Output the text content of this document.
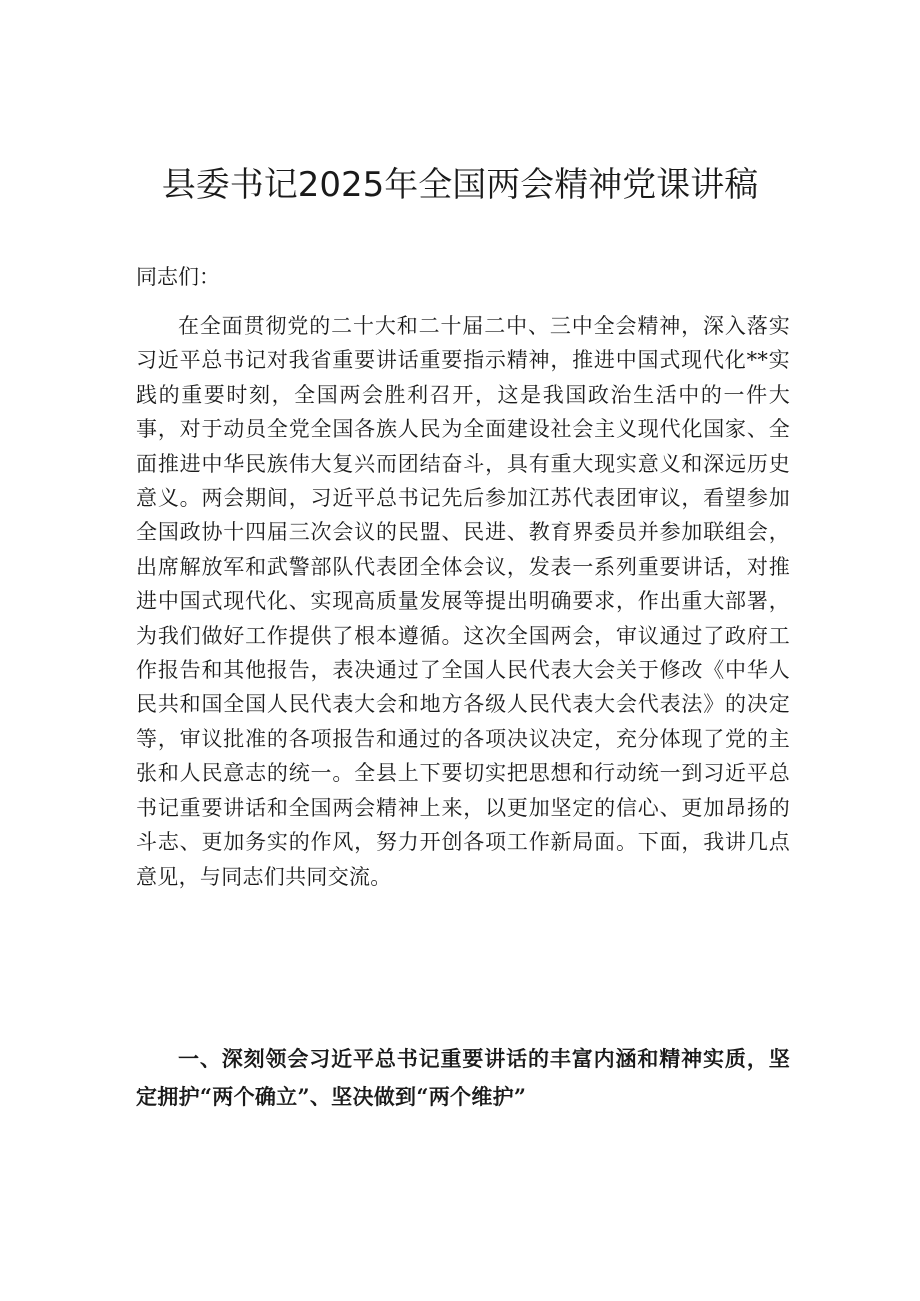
县委书记2025年全国两会精神党课讲稿

同志们：

在全面贯彻党的二十大和二十届二中、三中全会精神，深入落实习近平总书记对我省重要讲话重要指示精神，推进中国式现代化**实践的重要时刻，全国两会胜利召开，这是我国政治生活中的一件大事，对于动员全党全国各族人民为全面建设社会主义现代化国家、全面推进中华民族伟大复兴而团结奋斗，具有重大现实意义和深远历史意义。两会期间，习近平总书记先后参加江苏代表团审议，看望参加全国政协十四届三次会议的民盟、民进、教育界委员并参加联组会，出席解放军和武警部队代表团全体会议，发表一系列重要讲话，对推进中国式现代化、实现高质量发展等提出明确要求，作出重大部署，为我们做好工作提供了根本遵循。这次全国两会，审议通过了政府工作报告和其他报告，表决通过了全国人民代表大会关于修改《中华人民共和国全国人民代表大会和地方各级人民代表大会代表法》的决定等，审议批准的各项报告和通过的各项决议决定，充分体现了党的主张和人民意志的统一。全县上下要切实把思想和行动统一到习近平总书记重要讲话和全国两会精神上来，以更加坚定的信心、更加昂扬的斗志、更加务实的作风，努力开创各项工作新局面。下面，我讲几点意见，与同志们共同交流。

一、深刻领会习近平总书记重要讲话的丰富内涵和精神实质，坚定拥护“两个确立”、坚决做到“两个维护”
